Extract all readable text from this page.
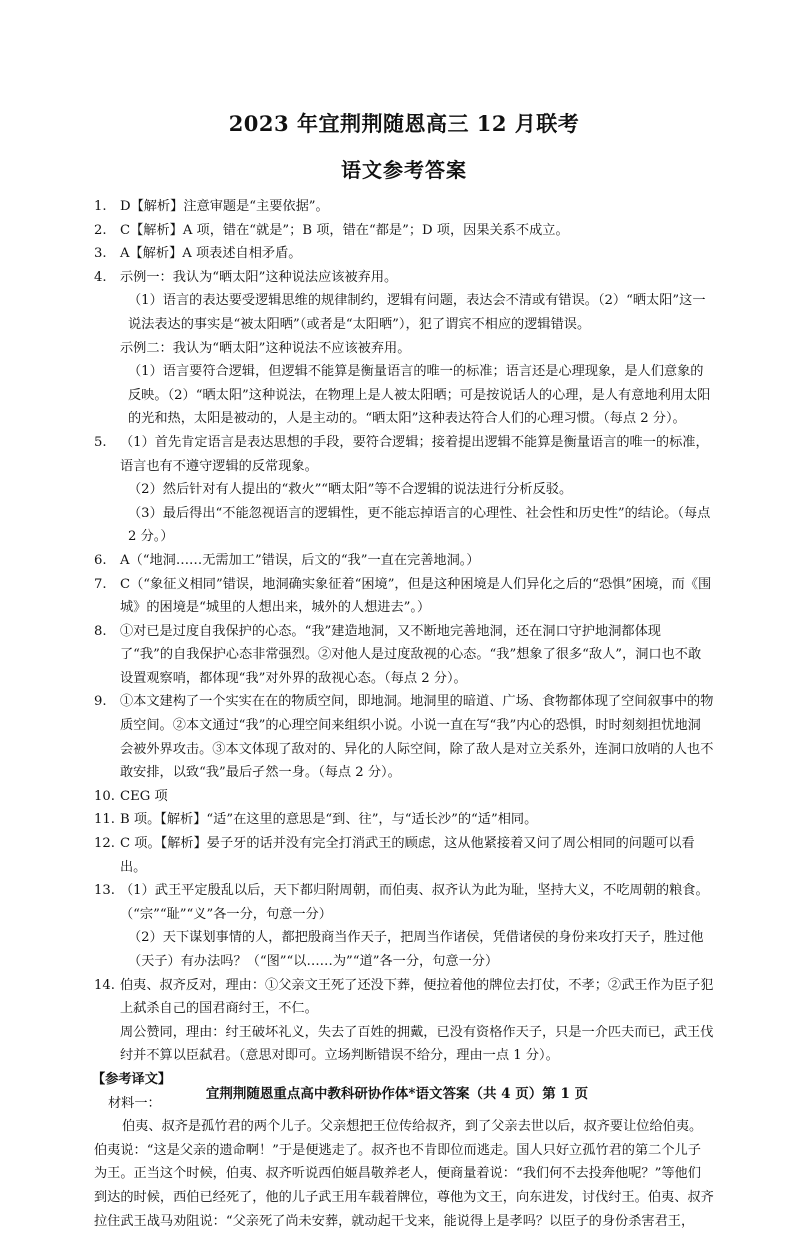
2023 年宜荆荆随恩高三 12 月联考

语文参考答案

1. D【解析】注意审题是“主要依据”。

2. C【解析】A 项，错在“就是”；B 项，错在“都是”；D 项，因果关系不成立。

3. A【解析】A 项表述自相矛盾。

4. 示例一：我认为“晒太阳”这种说法应该被弃用。

（1）语言的表达要受逻辑思维的规律制约，逻辑有问题，表达会不清或有错误。（2）“晒太阳”这一说法表达的事实是“被太阳晒”（或者是“太阳晒”），犯了谓宾不相应的逻辑错误。

示例二：我认为“晒太阳”这种说法不应该被弃用。

（1）语言要符合逻辑，但逻辑不能算是衡量语言的唯一的标准；语言还是心理现象，是人们意象的反映。（2）“晒太阳”这种说法，在物理上是人被太阳晒；可是按说话人的心理，是人有意地利用太阳的光和热，太阳是被动的，人是主动的。“晒太阳”这种表达符合人们的心理习惯。（每点 2 分）。

5. （1）首先肯定语言是表达思想的手段，要符合逻辑；接着提出逻辑不能算是衡量语言的唯一的标准，语言也有不遵守逻辑的反常现象。

（2）然后针对有人提出的“救火”“晒太阳”等不合逻辑的说法进行分析反驳。

（3）最后得出“不能忽视语言的逻辑性，更不能忘掉语言的心理性、社会性和历史性”的结论。（每点 2 分。）

6. A（“地洞……无需加工”错误，后文的“我”一直在完善地洞。）

7. C（“象征义相同”错误，地洞确实象征着“困境”，但是这种困境是人们异化之后的“恐惧”困境，而《围城》的困境是“城里的人想出来，城外的人想进去”。）

8. ①对已是过度自我保护的心态。“我”建造地洞，又不断地完善地洞，还在洞口守护地洞都体现了“我”的自我保护心态非常强烈。②对他人是过度敌视的心态。“我”想象了很多“敌人”，洞口也不敢设置观察哨，都体现“我”对外界的敌视心态。（每点 2 分）。

9. ①本文建构了一个实实在在的物质空间，即地洞。地洞里的暗道、广场、食物都体现了空间叙事中的物质空间。②本文通过“我”的心理空间来组织小说。小说一直在写“我”内心的恐惧，时时刻刻担忧地洞会被外界攻击。③本文体现了敌对的、异化的人际空间，除了敌人是对立关系外，连洞口放哨的人也不敢安排，以致“我”最后孑然一身。（每点 2 分）。

10. CEG 项

11. B 项。【解析】“适”在这里的意思是“到、往”，与“适长沙”的“适”相同。

12. C 项。【解析】晏子牙的话并没有完全打消武王的顾虑，这从他紧接着又问了周公相同的问题可以看出。

13. （1）武王平定殷乱以后，天下都归附周朝，而伯夷、叔齐认为此为耻，坚持大义，不吃周朝的粮食。（“宗”“耻”“义”各一分，句意一分）

（2）天下谋划事情的人，都把殷商当作天子，把周当作诸侯，凭借诸侯的身份来攻打天子，胜过他（天子）有办法吗？（“图”“以……为”“道”各一分，句意一分）

14. 伯夷、叔齐反对，理由：①父亲文王死了还没下葬，便拉着他的牌位去打仗，不孝；②武王作为臣子犯上弑杀自己的国君商纣王，不仁。

周公赞同，理由：纣王破坏礼义，失去了百姓的拥戴，已没有资格作天子，只是一介匹夫而已，武王伐纣并不算以臣弑君。（意思对即可。立场判断错误不给分，理由一点 1 分）。

【参考译文】

材料一：

伯夷、叔齐是孤竹君的两个儿子。父亲想把王位传给叔齐，到了父亲去世以后，叔齐要让位给伯夷。伯夷说：“这是父亲的遗命啊！”于是便逃走了。叔齐也不肯即位而逃走。国人只好立孤竹君的第二个儿子为王。正当这个时候，伯夷、叔齐听说西伯姬昌敬养老人，便商量着说：“我们何不去投奔他呢？”等他们到达的时候，西伯已经死了，他的儿子武王用车载着牌位，尊他为文王，向东进发，讨伐纣王。伯夷、叔齐拉住武王战马劝阻说：“父亲死了尚未安葬，就动起干戈来，能说得上是孝吗？以臣子的身份杀害君王，

宜荆荆随恩重点高中教科研协作体*语文答案（共 4 页）第 1 页
